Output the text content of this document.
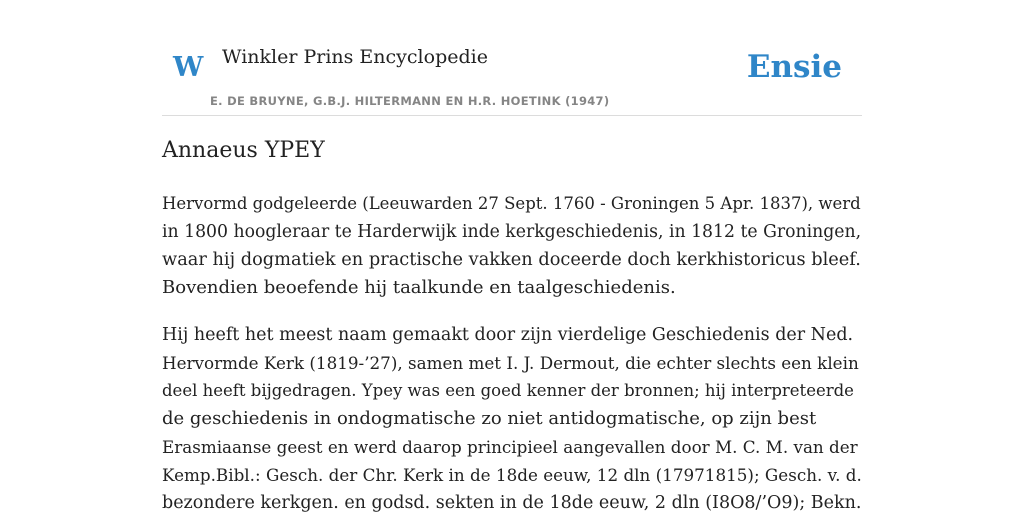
W Winkler Prins Encyclopedie
E. DE BRUYNE, G.B.J. HILTERMANN EN H.R. HOETINK (1947)
Ensie
Annaeus YPEY

Hervormd godgeleerde (Leeuwarden 27 Sept. 1760 - Groningen 5 Apr. 1837), werd
in 1800 hoogleraar te Harderwijk inde kerkgeschiedenis, in 1812 te Groningen,
waar hij dogmatiek en practische vakken doceerde doch kerkhistoricus bleef.
Bovendien beoefende hij taalkunde en taalgeschiedenis.

Hij heeft het meest naam gemaakt door zijn vierdelige Geschiedenis der Ned.
Hervormde Kerk (1819-’27), samen met I. J. Dermout, die echter slechts een klein
deel heeft bijgedragen. Ypey was een goed kenner der bronnen; hij interpreteerde
de geschiedenis in ondogmatische zo niet antidogmatische, op zijn best
Erasmiaanse geest en werd daarop principieel aangevallen door M. C. M. van der
Kemp.Bibl.: Gesch. der Chr. Kerk in de 18de eeuw, 12 dln (17971815); Gesch. v. d.
bezondere kerkgen. en godsd. sekten in de 18de eeuw, 2 dln (I8O8/’O9); Bekn.
